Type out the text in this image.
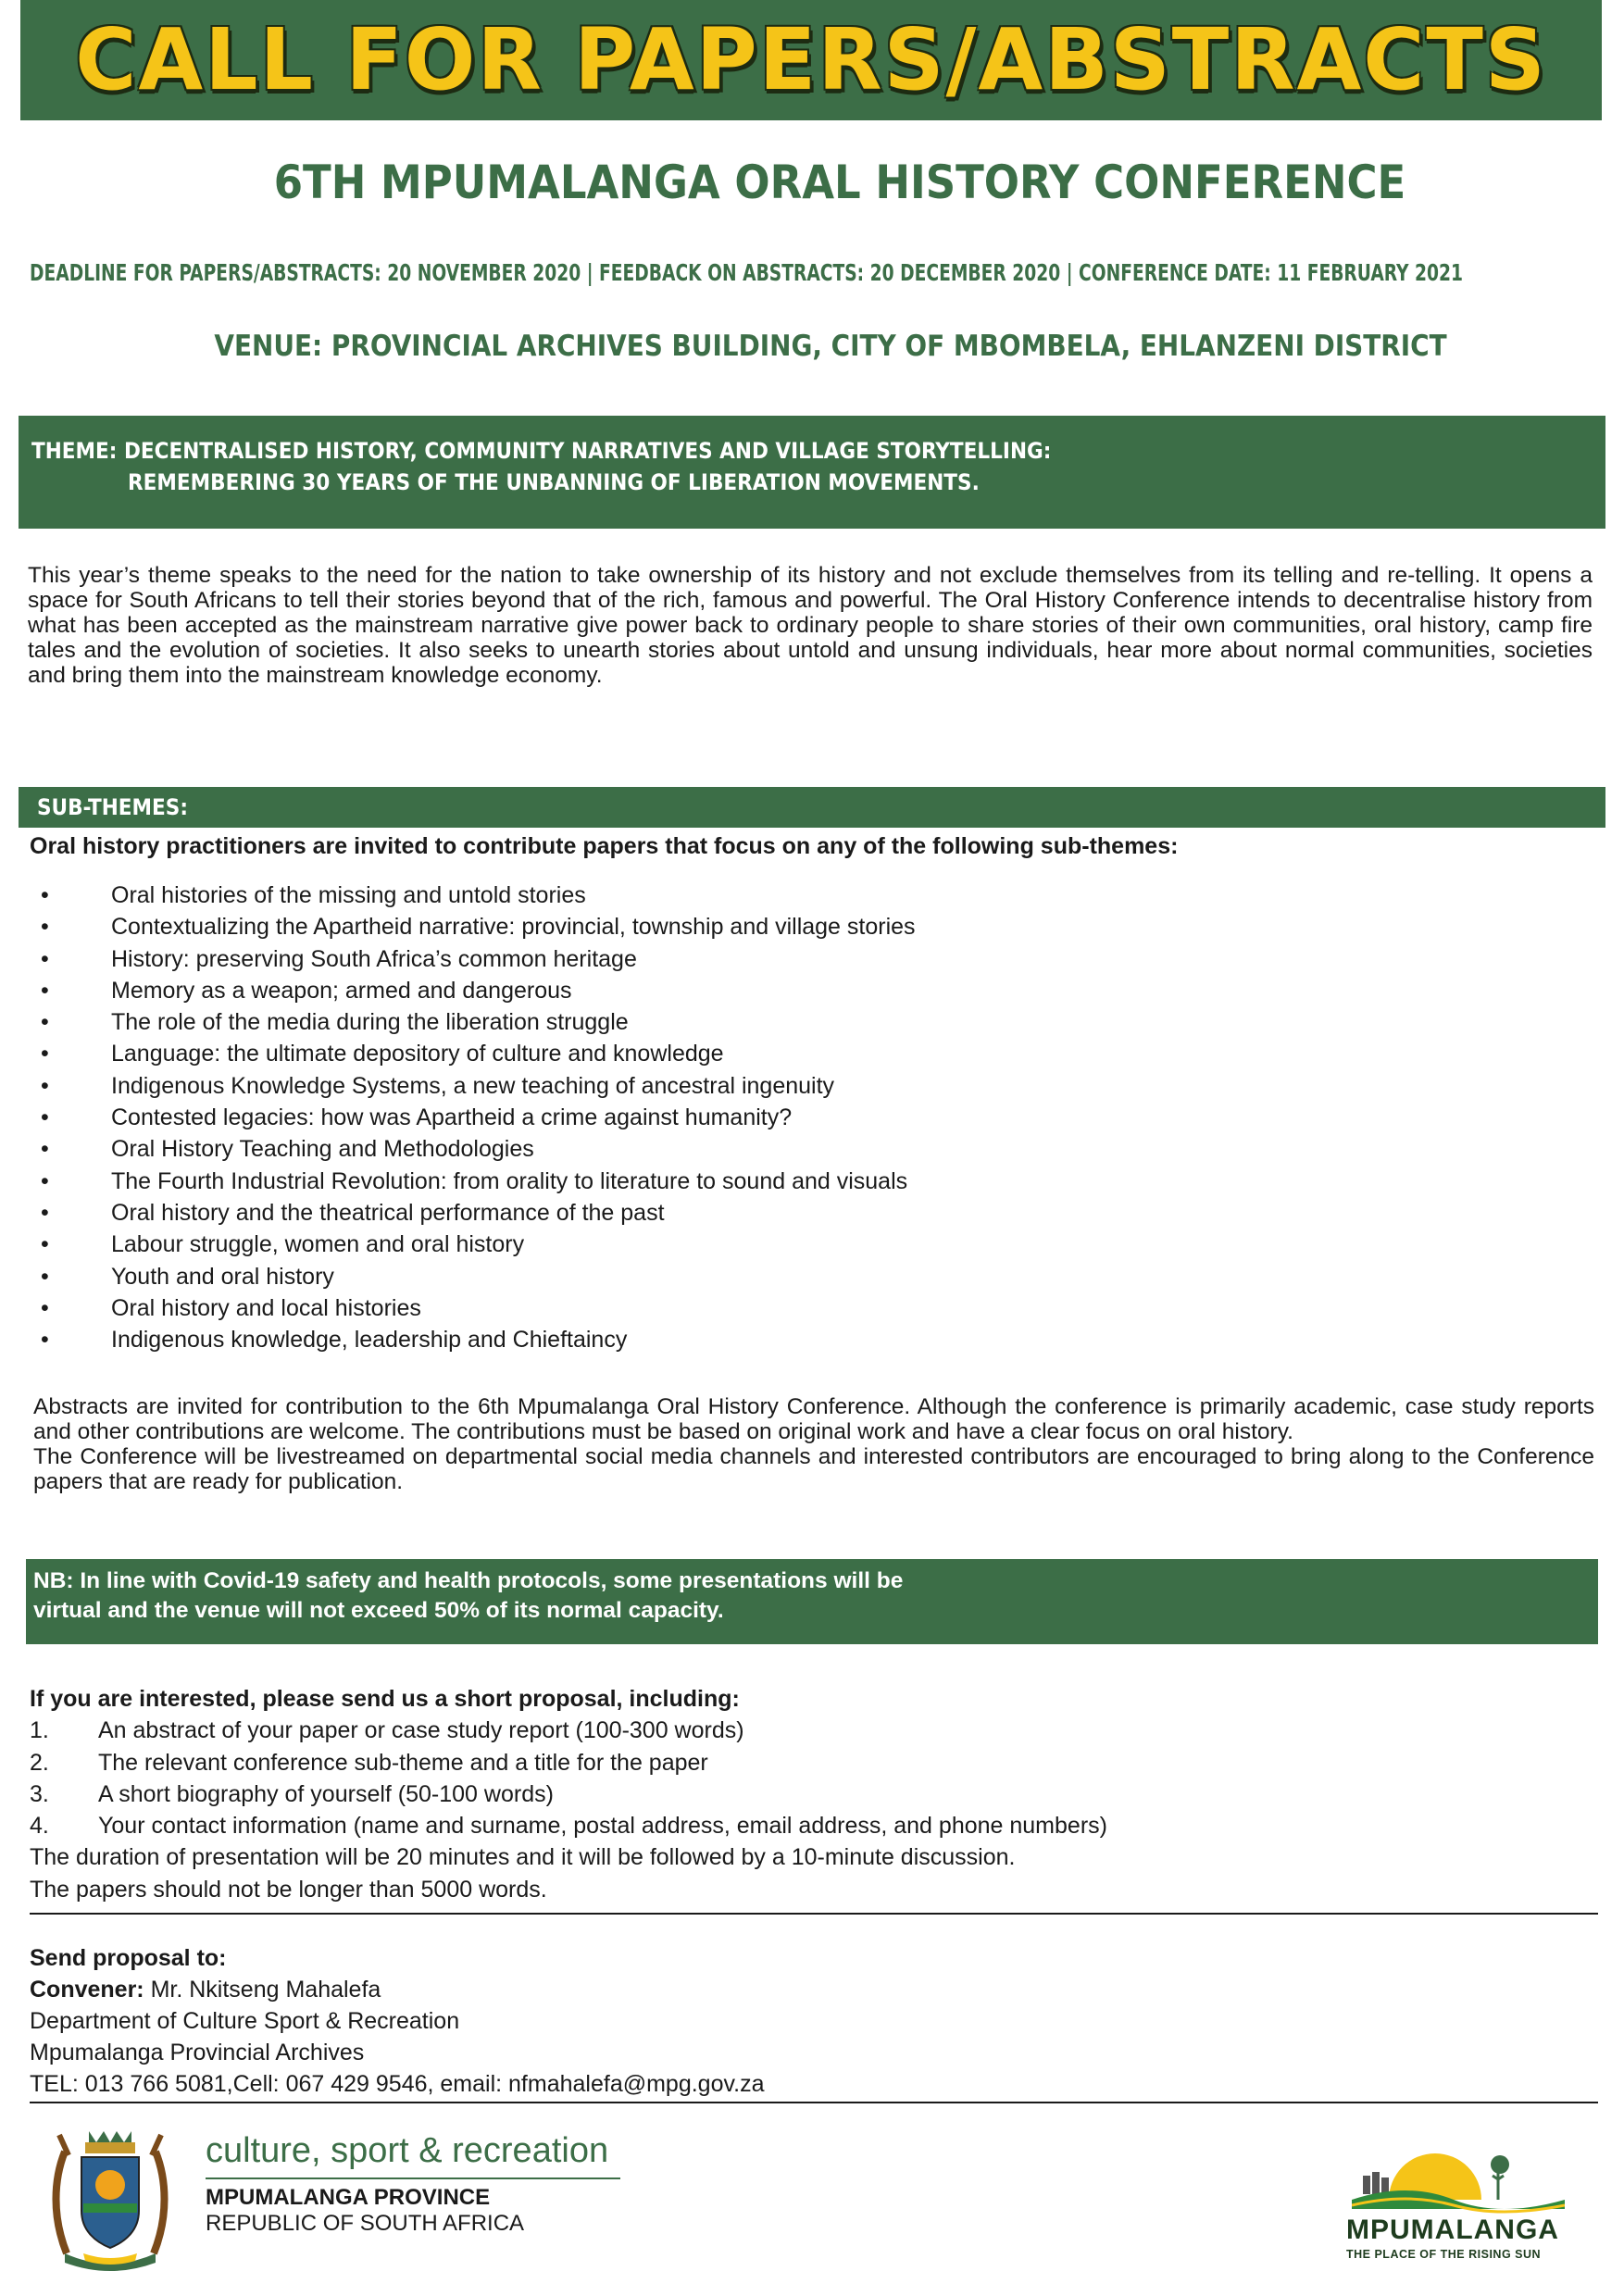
CALL FOR PAPERS/ABSTRACTS
6TH MPUMALANGA ORAL HISTORY CONFERENCE
DEADLINE FOR PAPERS/ABSTRACTS: 20 NOVEMBER 2020 | FEEDBACK ON ABSTRACTS: 20 DECEMBER 2020 | CONFERENCE DATE: 11 FEBRUARY 2021
VENUE: PROVINCIAL ARCHIVES BUILDING, CITY OF MBOMBELA, EHLANZENI DISTRICT
THEME: DECENTRALISED HISTORY, COMMUNITY NARRATIVES AND VILLAGE STORYTELLING:
REMEMBERING 30 YEARS OF THE UNBANNING OF LIBERATION MOVEMENTS.
This year’s theme speaks to the need for the nation to take ownership of its history and not exclude themselves from its telling and re-telling. It opens a space for South Africans to tell their stories beyond that of the rich, famous and powerful. The Oral History Conference intends to decentralise history from what has been accepted as the mainstream narrative give power back to ordinary people to share stories of their own communities, oral history, camp fire tales and the evolution of societies. It also seeks to unearth stories about untold and unsung individuals, hear more about normal communities, societies and bring them into the mainstream knowledge economy.
SUB-THEMES:
Oral history practitioners are invited to contribute papers that focus on any of the following sub-themes:
•	Oral histories of the missing and untold stories
•	Contextualizing the Apartheid narrative: provincial, township and village stories
•	History: preserving South Africa’s common heritage
•	Memory as a weapon; armed and dangerous
•	The role of the media during the liberation struggle
•	Language: the ultimate depository of culture and knowledge
•	Indigenous Knowledge Systems, a new teaching of ancestral ingenuity
•	Contested legacies: how was Apartheid a crime against humanity?
•	Oral History Teaching and Methodologies
•	The Fourth Industrial Revolution: from orality to literature to sound and visuals
•	Oral history and the theatrical performance of the past
•	Labour struggle, women and oral history
•	Youth and oral history
•	Oral history and local histories
•	Indigenous knowledge, leadership and Chieftaincy

Abstracts are invited for contribution to the 6th Mpumalanga Oral History Conference. Although the conference is primarily academic, case study reports and other contributions are welcome. The contributions must be based on original work and have a clear focus on oral history.

The Conference will be livestreamed on departmental social media channels and interested contributors are encouraged to bring along to the Conference papers that are ready for publication.

NB: In line with Covid-19 safety and health protocols, some presentations will be
virtual and the venue will not exceed 50% of its normal capacity.
If you are interested, please send us a short proposal, including:
1. An abstract of your paper or case study report (100-300 words)
2. The relevant conference sub-theme and a title for the paper
3. A short biography of yourself (50-100 words)
4. Your contact information (name and surname, postal address, email address, and phone numbers)
The duration of presentation will be 20 minutes and it will be followed by a 10-minute discussion.
The papers should not be longer than 5000 words.
Send proposal to:
Convener: Mr. Nkitseng Mahalefa
Department of Culture Sport & Recreation
Mpumalanga Provincial Archives
TEL: 013 766 5081,Cell: 067 429 9546, email: nfmahalefa@mpg.gov.za
culture, sport & recreation
MPUMALANGA PROVINCE
REPUBLIC OF SOUTH AFRICA	MPUMALANGA
THE PLACE OF THE RISING SUN
